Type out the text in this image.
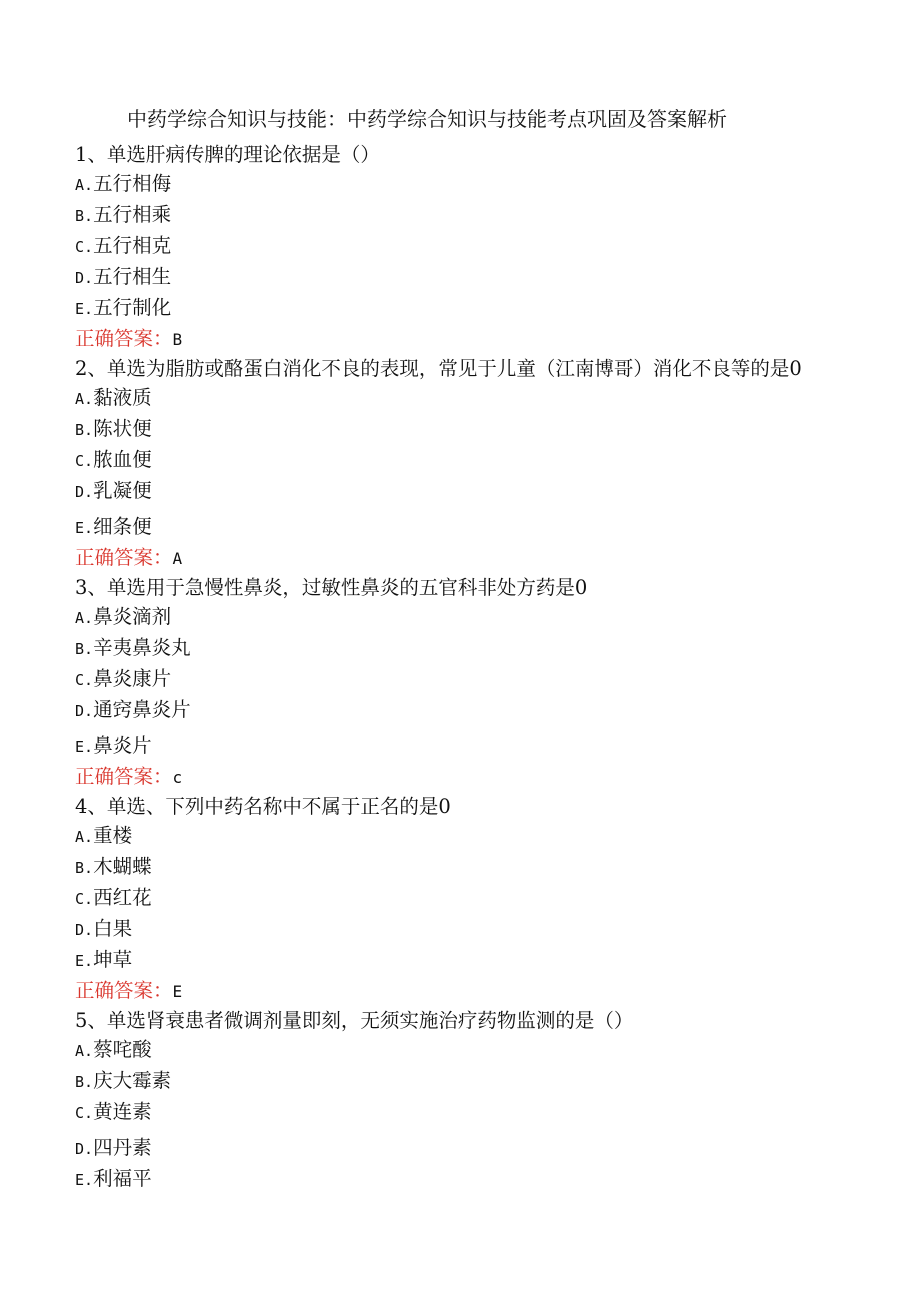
中药学综合知识与技能：中药学综合知识与技能考点巩固及答案解析
1、单选肝病传脾的理论依据是（）
A.五行相侮
B.五行相乘
C.五行相克
D.五行相生
E.五行制化
正确答案：B
2、单选为脂肪或酪蛋白消化不良的表现，常见于儿童（江南博哥）消化不良等的是0
A.黏液质
B.陈状便
C.脓血便
D.乳凝便
E.细条便
正确答案：A
3、单选用于急慢性鼻炎，过敏性鼻炎的五官科非处方药是0
A.鼻炎滴剂
B.辛夷鼻炎丸
C.鼻炎康片
D.通窍鼻炎片
E.鼻炎片
正确答案：c
4、单选、下列中药名称中不属于正名的是0
A.重楼
B.木蝴蝶
C.西红花
D.白果
E.坤草
正确答案：E
5、单选肾衰患者微调剂量即刻，无须实施治疗药物监测的是（）
A.蔡咤酸
B.庆大霉素
C.黄连素
D.四丹素
E.利福平
